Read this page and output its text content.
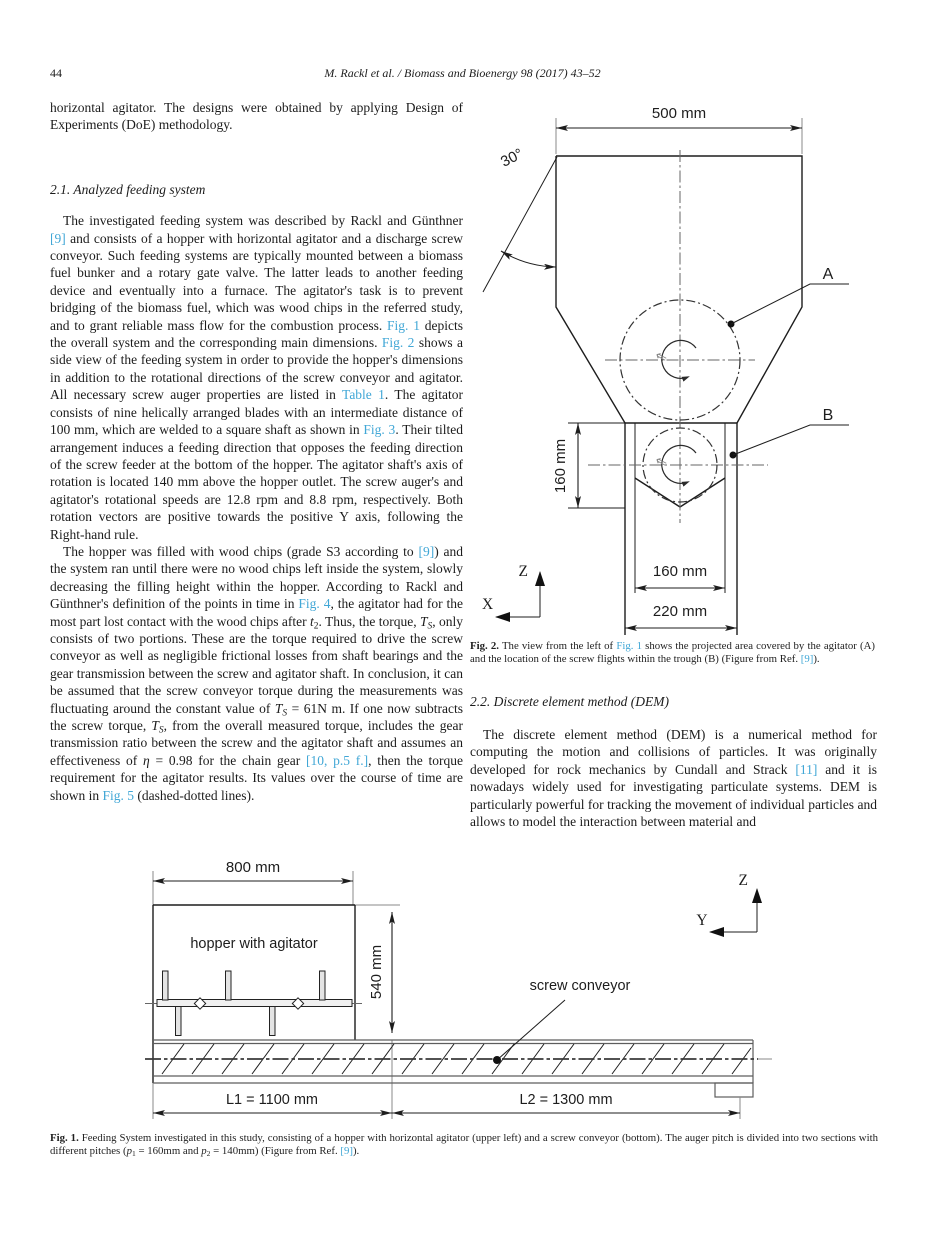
44	M. Rackl et al. / Biomass and Bioenergy 98 (2017) 43–52

horizontal agitator. The designs were obtained by applying Design of Experiments (DoE) methodology.

2.1. Analyzed feeding system

The investigated feeding system was described by Rackl and Günthner [9] and consists of a hopper with horizontal agitator and a discharge screw conveyor. Such feeding systems are typically mounted between a biomass fuel bunker and a rotary gate valve. The latter leads to another feeding device and eventually into a furnace. The agitator's task is to prevent bridging of the biomass fuel, which was wood chips in the referred study, and to grant reliable mass flow for the combustion process. Fig. 1 depicts the overall system and the corresponding main dimensions. Fig. 2 shows a side view of the feeding system in order to provide the hopper's dimensions in addition to the rotational directions of the screw conveyor and agitator. All necessary screw auger properties are listed in Table 1. The agitator consists of nine helically arranged blades with an intermediate distance of 100 mm, which are welded to a square shaft as shown in Fig. 3. Their tilted arrangement induces a feeding direction that opposes the feeding direction of the screw feeder at the bottom of the hopper. The agitator shaft's axis of rotation is located 140 mm above the hopper outlet. The screw auger's and agitator's rotational speeds are 12.8 rpm and 8.8 rpm, respectively. Both rotation vectors are positive towards the positive Y axis, following the Right-hand rule.

The hopper was filled with wood chips (grade S3 according to [9]) and the system ran until there were no wood chips left inside the system, slowly decreasing the filling height within the hopper. According to Rackl and Günthner's definition of the points in time in Fig. 4, the agitator had for the most part lost contact with the wood chips after $t_2$. Thus, the torque, $T_S$, only consists of two portions. These are the torque required to drive the screw conveyor as well as negligible frictional losses from shaft bearings and the gear transmission between the screw and agitator shaft. In conclusion, it can be assumed that the screw conveyor torque during the measurements was fluctuating around the constant value of $T_S = 61N$ m. If one now subtracts the screw torque, $T_S$, from the overall measured torque, includes the gear transmission ratio between the screw and the agitator shaft and assumes an effectiveness of η = 0.98 for the chain gear [10, p.5 f.], then the torque requirement for the agitator results. Its values over the course of time are shown in Fig. 5 (dashed-dotted lines).

500 mm
30°
⇐
⇐
A
B
160 mm
160 mm
220 mm
Z
X
Fig. 2. The view from the left of Fig. 1 shows the projected area covered by the agitator (A) and the location of the screw flights within the trough (B) (Figure from Ref. [9]).
2.2. Discrete element method (DEM)

The discrete element method (DEM) is a numerical method for computing the motion and collisions of particles. It was originally developed for rock mechanics by Cundall and Strack [11] and it is nowadays widely used for investigating particulate systems. DEM is particularly powerful for tracking the movement of individual particles and allows to model the interaction between material and

800 mm
hopper with agitator
540 mm	screw conveyor
L1 = 1100 mm	L2 = 1300 mm
Z
Y
Fig. 1. Feeding System investigated in this study, consisting of a hopper with horizontal agitator (upper left) and a screw conveyor (bottom). The auger pitch is divided into two sections with different pitches ($p_1 = 160mm$ and $p_2 = 140mm$) (Figure from Ref. [9]).
